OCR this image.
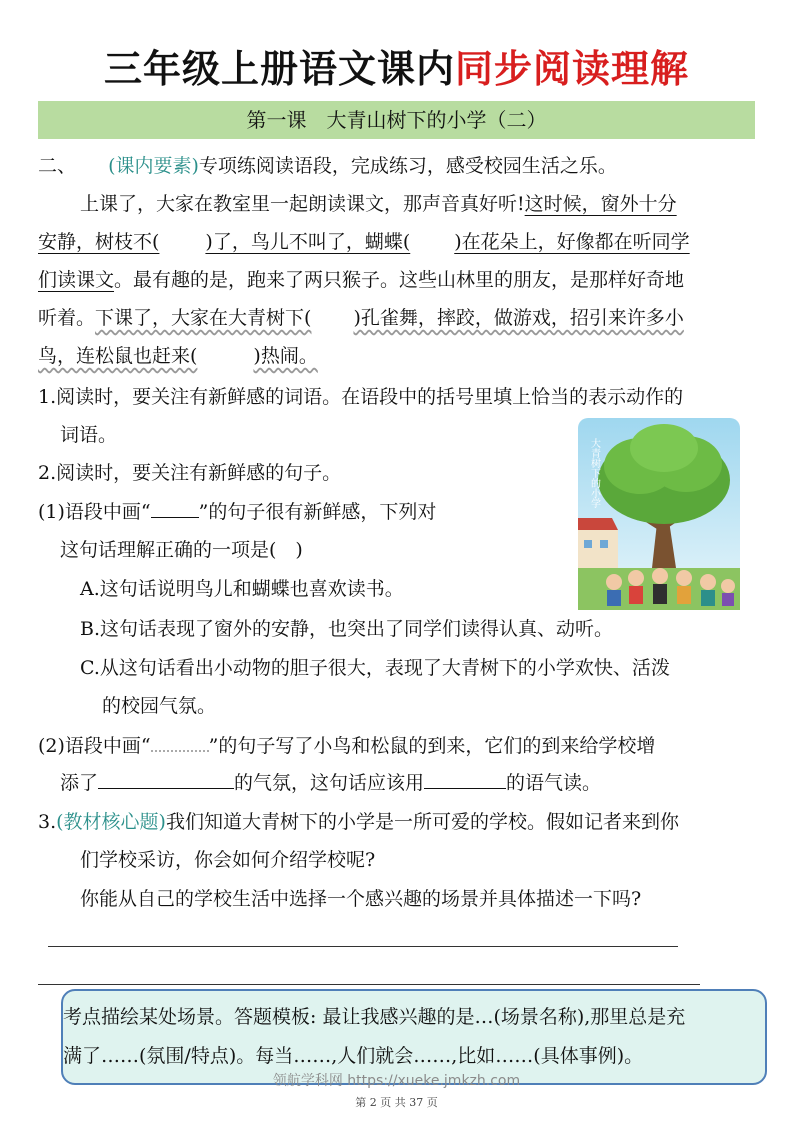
三年级上册语文课内同步阅读理解
第一课　大青山树下的小学（二）
二、 (课内要素)专项练阅读语段，完成练习，感受校园生活之乐。
上课了，大家在教室里一起朗读课文，那声音真好听!这时候，窗外十分
安静，树枝不( )了，鸟儿不叫了，蝴蝶( )在花朵上，好像都在听同学
们读课文。最有趣的是，跑来了两只猴子。这些山林里的朋友，是那样好奇地
听着。下课了，大家在大青树下( )孔雀舞，摔跤，做游戏，招引来许多小
鸟，连松鼠也赶来(	)热闹。
1.阅读时，要关注有新鲜感的词语。在语段中的括号里填上恰当的表示动作的
词语。
2.阅读时，要关注有新鲜感的句子。
(1)语段中画“	”的句子很有新鲜感，下列对
这句话理解正确的一项是(　)
A.这句话说明鸟儿和蝴蝶也喜欢读书。
B.这句话表现了窗外的安静，也突出了同学们读得认真、动听。
C.从这句话看出小动物的胆子很大，表现了大青树下的小学欢快、活泼
的校园气氛。
(2)语段中画“	”的句子写了小鸟和松鼠的到来，它们的到来给学校增
添了	的气氛，这句话应该用	的语气读。
3.(教材核心题)我们知道大青树下的小学是一所可爱的学校。假如记者来到你
们学校采访，你会如何介绍学校呢?
你能从自己的学校生活中选择一个感兴趣的场景并具体描述一下吗?
考点描绘某处场景。答题模板: 最让我感兴趣的是…(场景名称),那里总是充
满了……(氛围/特点)。每当……,人们就会……,比如……(具体事例)。
大青树下的小学
领航学科网 https://xueke.jmkzh.com
第 2 页 共 37 页
